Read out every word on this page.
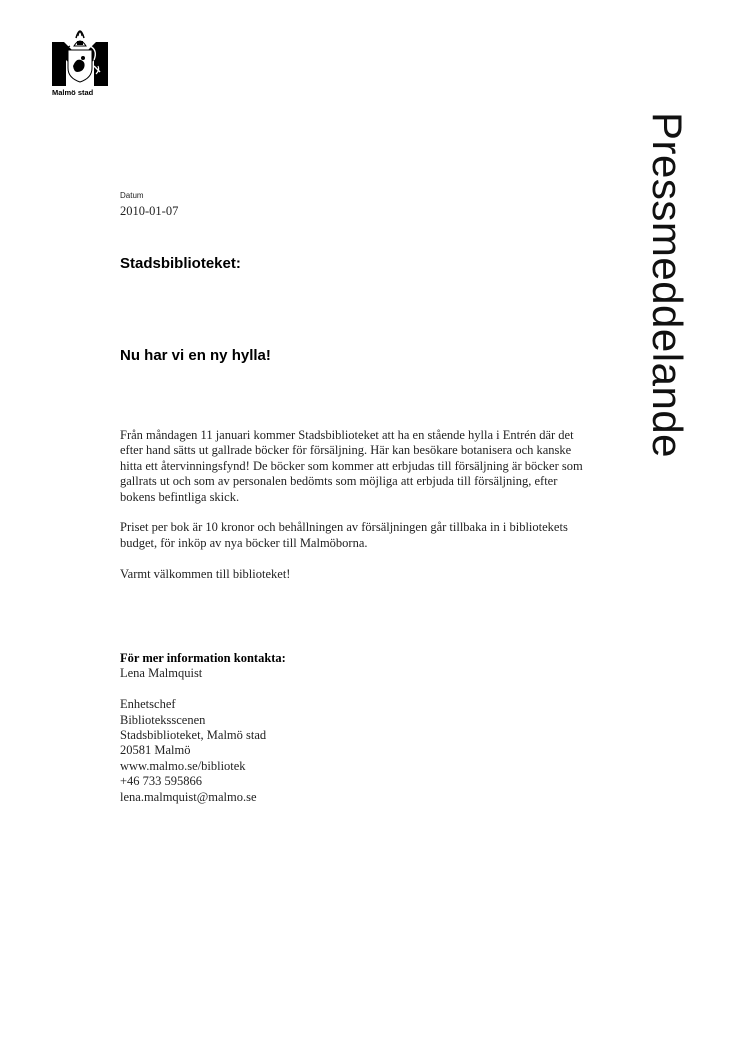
Malmö stad
Pressmeddelande
Datum
2010-01-07
Stadsbiblioteket:
Nu har vi en ny hylla!

Från måndagen 11 januari kommer Stadsbiblioteket att ha en stående hylla i Entrén där det efter hand sätts ut gallrade böcker för försäljning. Här kan besökare botanisera och kanske hitta ett återvinningsfynd! De böcker som kommer att erbjudas till försäljning är böcker som gallrats ut och som av personalen bedömts som möjliga att erbjuda till försäljning, efter bokens befintliga skick.

Priset per bok är 10 kronor och behållningen av försäljningen går tillbaka in i bibliotekets budget, för inköp av nya böcker till Malmöborna.

Varmt välkommen till biblioteket!

För mer information kontakta:
Lena Malmquist
Enhetschef
Biblioteksscenen
Stadsbiblioteket, Malmö stad
20581 Malmö
www.malmo.se/bibliotek
+46 733 595866
lena.malmquist@malmo.se
